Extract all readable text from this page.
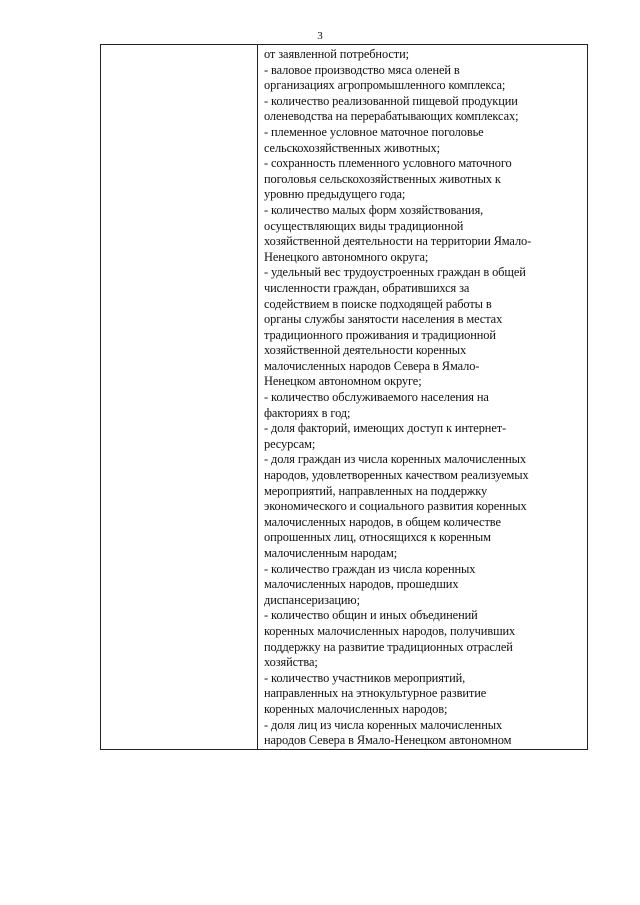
3

от заявленной потребности;
- валовое производство мяса оленей в
организациях агропромышленного комплекса;
- количество реализованной пищевой продукции
оленеводства на перерабатывающих комплексах;
- племенное условное маточное поголовье
сельскохозяйственных животных;
- сохранность племенного условного маточного
поголовья сельскохозяйственных животных к
уровню предыдущего года;
- количество малых форм хозяйствования,
осуществляющих виды традиционной
хозяйственной деятельности на территории Ямало-
Ненецкого автономного округа;
- удельный вес трудоустроенных граждан в общей
численности граждан, обратившихся за
содействием в поиске подходящей работы в
органы службы занятости населения в местах
традиционного проживания и традиционной
хозяйственной деятельности коренных
малочисленных народов Севера в Ямало-
Ненецком автономном округе;
- количество обслуживаемого населения на
факториях в год;
- доля факторий, имеющих доступ к интернет-
ресурсам;
- доля граждан из числа коренных малочисленных
народов, удовлетворенных качеством реализуемых
мероприятий, направленных на поддержку
экономического и социального развития коренных
малочисленных народов, в общем количестве
опрошенных лиц, относящихся к коренным
малочисленным народам;
- количество граждан из числа коренных
малочисленных народов, прошедших
диспансеризацию;
- количество общин и иных объединений
коренных малочисленных народов, получивших
поддержку на развитие традиционных отраслей
хозяйства;
- количество участников мероприятий,
направленных на этнокультурное развитие
коренных малочисленных народов;
- доля лиц из числа коренных малочисленных
народов Севера в Ямало-Ненецком автономном
